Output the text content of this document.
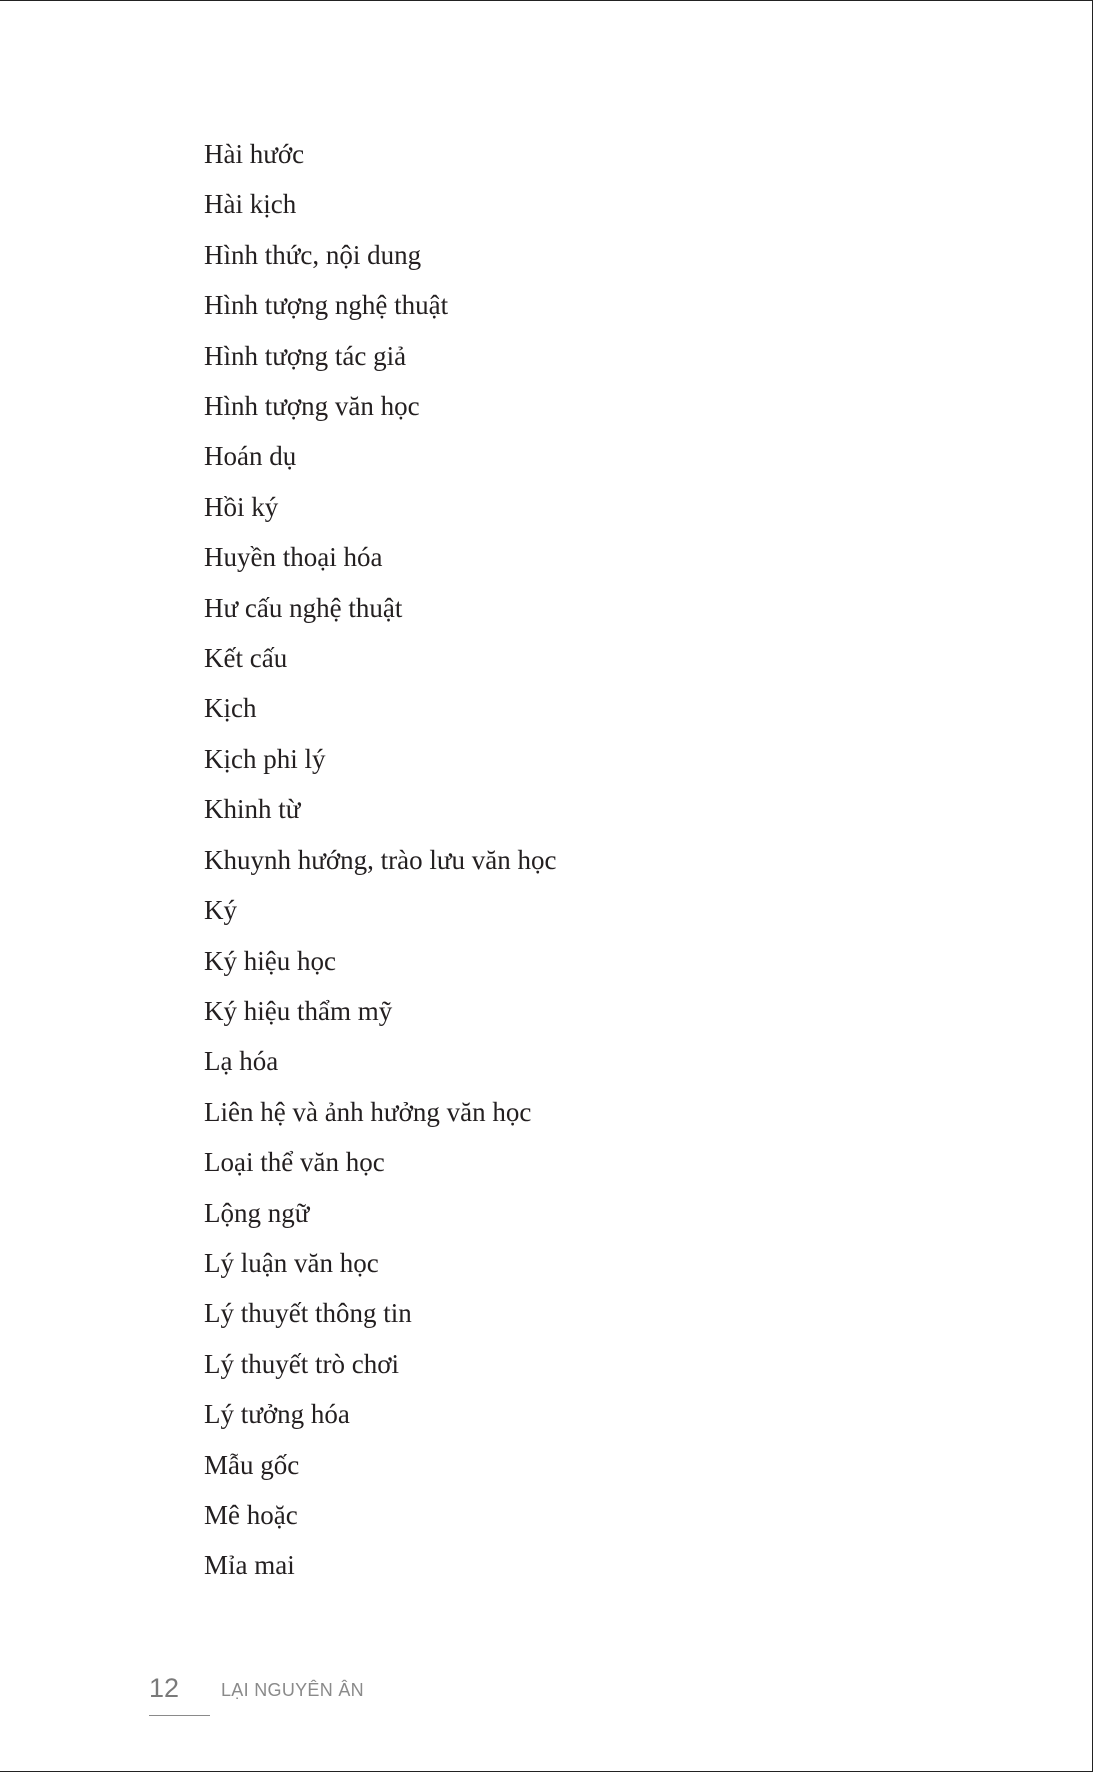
Hài hước
Hài kịch
Hình thức, nội dung
Hình tượng nghệ thuật
Hình tượng tác giả
Hình tượng văn học
Hoán dụ
Hồi ký
Huyền thoại hóa
Hư cấu nghệ thuật
Kết cấu
Kịch
Kịch phi lý
Khinh từ
Khuynh hướng, trào lưu văn học
Ký
Ký hiệu học
Ký hiệu thẩm mỹ
Lạ hóa
Liên hệ và ảnh hưởng văn học
Loại thể văn học
Lộng ngữ
Lý luận văn học
Lý thuyết thông tin
Lý thuyết trò chơi
Lý tưởng hóa
Mẫu gốc
Mê hoặc
Mỉa mai
12 LẠI NGUYÊN ÂN
